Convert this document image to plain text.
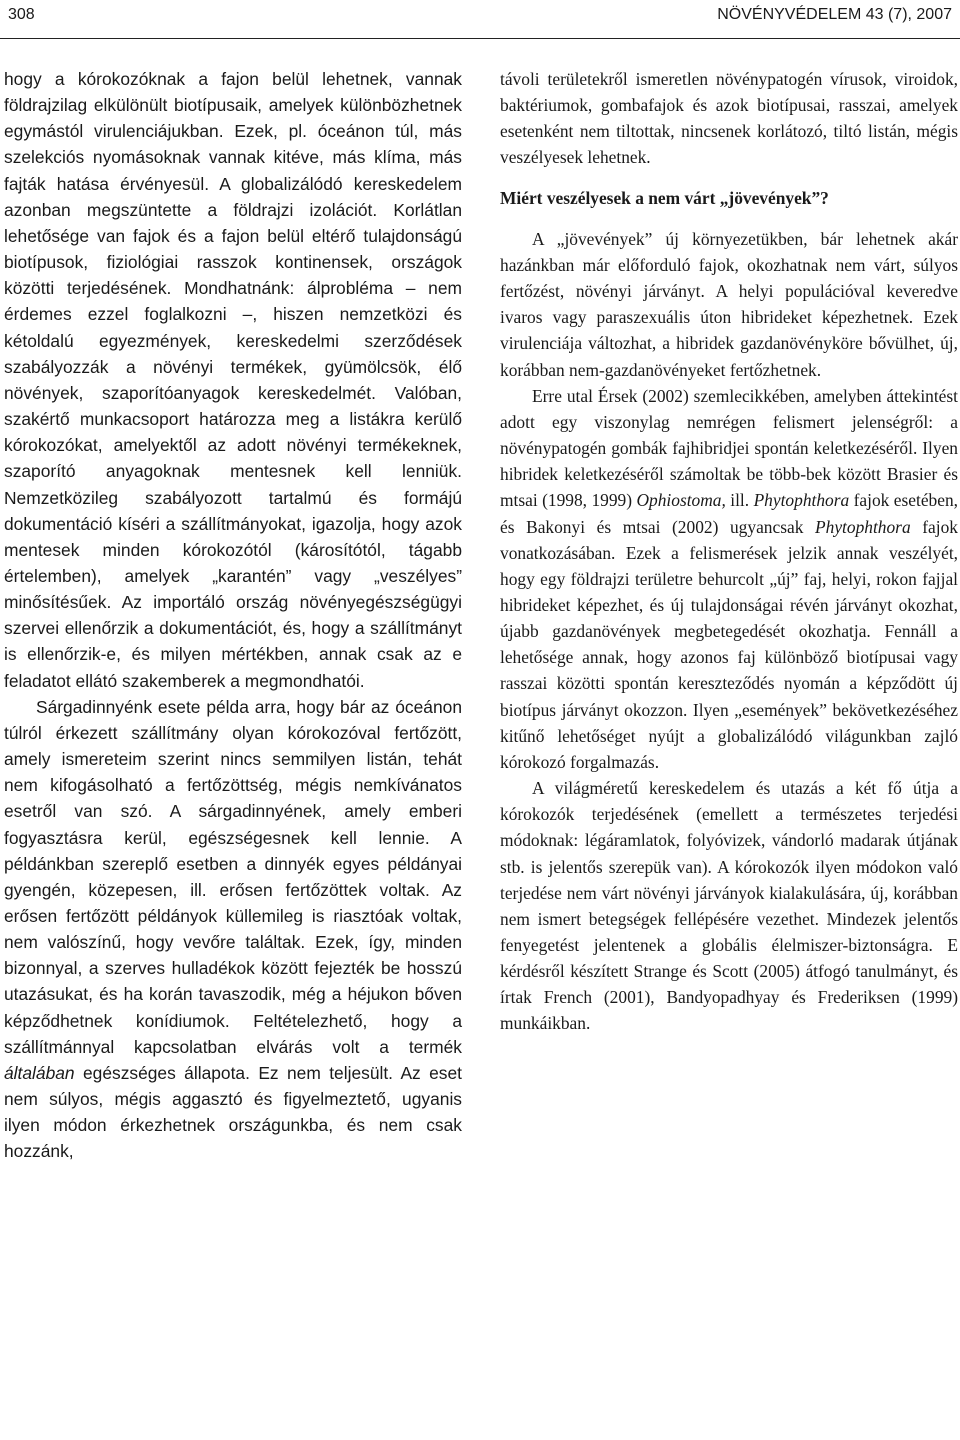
308	NÖVÉNYVÉDELEM 43 (7), 2007

hogy a kórokozóknak a fajon belül lehetnek, vannak földrajzilag elkülönült biotípusaik, amelyek különbözhetnek egymástól virulenciájukban. Ezek, pl. óceánon túl, más szelekciós nyomásoknak vannak kitéve, más klíma, más fajták hatása érvényesül. A globalizálódó kereskedelem azonban megszüntette a földrajzi izolációt. Korlátlan lehetősége van fajok és a fajon belül eltérő tulajdonságú biotípusok, fiziológiai rasszok kontinensek, országok közötti terjedésének. Mondhatnánk: álprobléma – nem érdemes ezzel foglalkozni –, hiszen nemzetközi és kétoldalú egyezmények, kereskedelmi szerződések szabályozzák a növényi termékek, gyümölcsök, élő növények, szaporítóanyagok kereskedelmét. Valóban, szakértő munkacsoport határozza meg a listákra kerülő kórokozókat, amelyektől az adott növényi termékeknek, szaporító anyagoknak mentesnek kell lenniük. Nemzetközileg szabályozott tartalmú és formájú dokumentáció kíséri a szállítmányokat, igazolja, hogy azok mentesek minden kórokozótól (károsítótól, tágabb értelemben), amelyek „karantén” vagy „veszélyes” minősítésűek. Az importáló ország növényegészségügyi szervei ellenőrzik a dokumentációt, és, hogy a szállítmányt is ellenőrzik-e, és milyen mértékben, annak csak az e feladatot ellátó szakemberek a megmondhatói.

Sárgadinnyénk esete példa arra, hogy bár az óceánon túlról érkezett szállítmány olyan kórokozóval fertőzött, amely ismereteim szerint nincs semmilyen listán, tehát nem kifogásolható a fertőzöttség, mégis nemkívánatos esetről van szó. A sárgadinnyének, amely emberi fogyasztásra kerül, egészségesnek kell lennie. A példánkban szereplő esetben a dinnyék egyes példányai gyengén, közepesen, ill. erősen fertőzöttek voltak. Az erősen fertőzött példányok küllemileg is riasztóak voltak, nem valószínű, hogy vevőre találtak. Ezek, így, minden bizonnyal, a szerves hulladékok között fejezték be hosszú utazásukat, és ha korán tavaszodik, még a héjukon bőven képződhetnek konídiumok. Feltételezhető, hogy a szállítmánnyal kapcsolatban elvárás volt a termék általában egészséges állapota. Ez nem teljesült. Az eset nem súlyos, mégis aggasztó és figyelmeztető, ugyanis ilyen módon érkezhetnek országunkba, és nem csak hozzánk,

távoli területekről ismeretlen növénypatogén vírusok, viroidok, baktériumok, gombafajok és azok biotípusai, rasszai, amelyek esetenként nem tiltottak, nincsenek korlátozó, tiltó listán, mégis veszélyesek lehetnek.

Miért veszélyesek a nem várt „jövevények”?

A „jövevények” új környezetükben, bár lehetnek akár hazánkban már előforduló fajok, okozhatnak nem várt, súlyos fertőzést, növényi járványt. A helyi populációval keveredve ivaros vagy paraszexuális úton hibrideket képezhetnek. Ezek virulenciája változhat, a hibridek gazdanövényköre bővülhet, új, korábban nem-gazdanövényeket fertőzhetnek.

Erre utal Érsek (2002) szemlecikkében, amelyben áttekintést adott egy viszonylag nemrégen felismert jelenségről: a növénypatogén gombák fajhibridjei spontán keletkezéséről. Ilyen hibridek keletkezéséről számoltak be több-bek között Brasier és mtsai (1998, 1999) Ophiostoma, ill. Phytophthora fajok esetében, és Bakonyi és mtsai (2002) ugyancsak Phytophthora fajok vonatkozásában. Ezek a felismerések jelzik annak veszélyét, hogy egy földrajzi területre behurcolt „új” faj, helyi, rokon fajjal hibrideket képezhet, és új tulajdonságai révén járványt okozhat, újabb gazdanövények megbetegedését okozhatja. Fennáll a lehetősége annak, hogy azonos faj különböző biotípusai vagy rasszai közötti spontán kereszteződés nyomán a képződött új biotípus járványt okozzon. Ilyen „események” bekövetkezéséhez kitűnő lehetőséget nyújt a globalizálódó világunkban zajló kórokozó forgalmazás.

A világméretű kereskedelem és utazás a két fő útja a kórokozók terjedésének (emellett a természetes terjedési módoknak: légáramlatok, folyóvizek, vándorló madarak útjának stb. is jelentős szerepük van). A kórokozók ilyen módokon való terjedése nem várt növényi járványok kialakulására, új, korábban nem ismert betegségek fellépésére vezethet. Mindezek jelentős fenyegetést jelentenek a globális élelmiszer-biztonságra. E kérdésről készített Strange és Scott (2005) átfogó tanulmányt, és írtak French (2001), Bandyopadhyay és Frederiksen (1999) munkáikban.
